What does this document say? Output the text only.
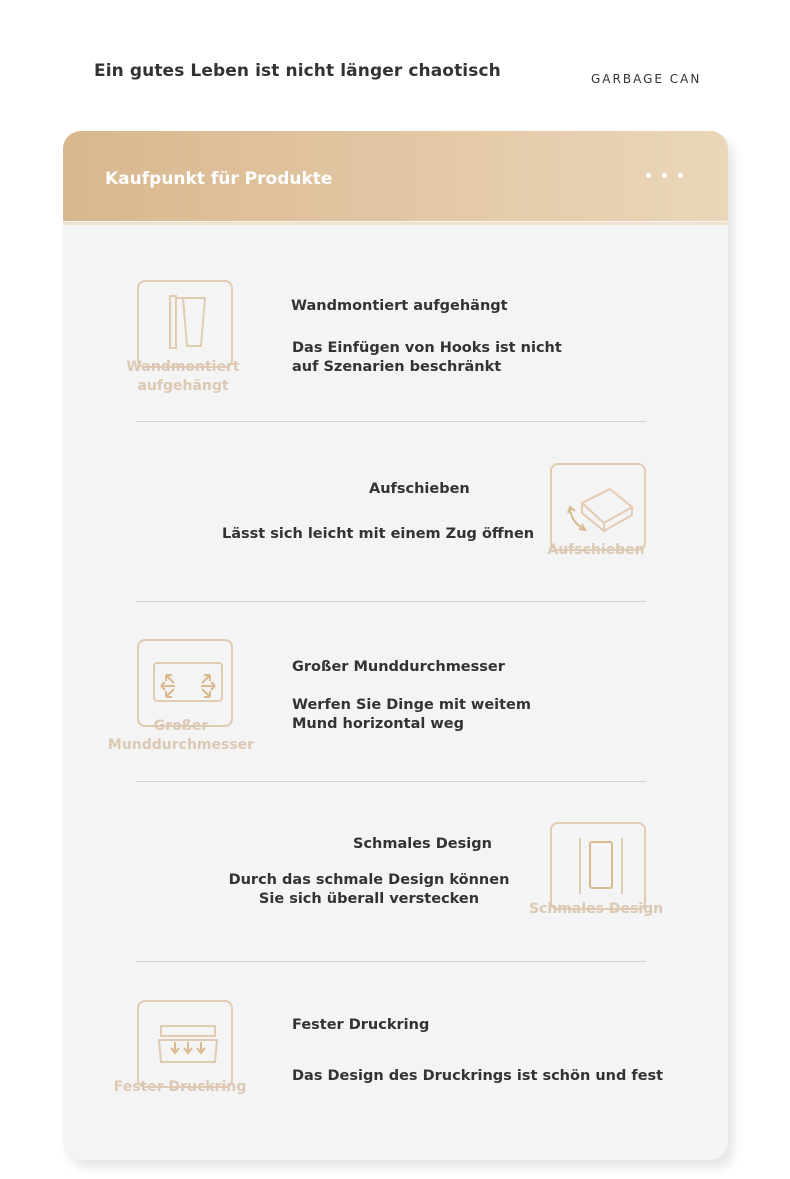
Ein gutes Leben ist nicht länger chaotisch	GARBAGE CAN
Kaufpunkt für Produkte
Wandmontiert aufgehängt
Wandmontiert aufgehängt
Das Einfügen von Hooks ist nicht
auf Szenarien beschränkt
Aufschieben
Lässt sich leicht mit einem Zug öffnen
Aufschieben
Großer Munddurchmesser
Großer Munddurchmesser
Werfen Sie Dinge mit weitem
Mund horizontal weg
Schmales Design
Durch das schmale Design können
Sie sich überall verstecken
Schmales Design
Fester Druckring
Fester Druckring
Das Design des Druckrings ist schön und fest
